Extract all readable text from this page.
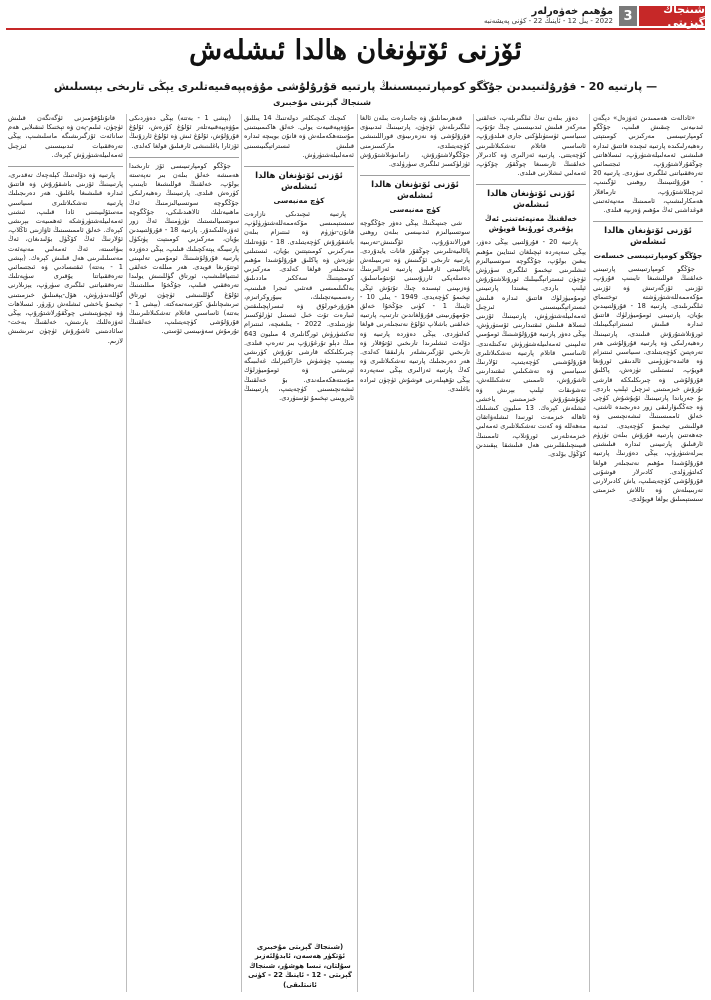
شىنجاڭ گېزىتى
3
مۇھىم خەۋەرلەر
2022 - يىل 12 - ئاينىڭ 22 - كۈنى پەيشەنبە
ئۆزنى ئۆتۈنغان ھالدا ئىشلەش
— پارتىيە 20 - قۇرۇلتىيىدىن جۇڭگو كومپارتىيىسىنىڭ پارتىيە قۇرۇلۇشى مۇۋەپپەقىيەتلىرى يېڭى تارىخى بېسىلىش
شىنجاڭ گېزىتى مۇخبىرى

«ئادالەت ھەممىدىن ئەۋزەل» دېگەن ئىدىيەنى چىقىش قىلىپ، جۇڭگو كومپارتىيىسى مەركىزىي كومىتېتى رەھبەرلىكىدە پارتىيە ئىچىدە قاتتىق ئىدارە قىلىشنى ئەمەلىيلەشتۈرۈپ، ئىسلاھاتنى چوڭقۇرلاشتۇرۇپ، ئىجتىمائىي تەرەققىياتنى ئىلگىرى سۈردى. پارتىيە 20 - قۇرۇلتىيىنىڭ روھىنى ئۆگىنىپ، ئىزچىللاشتۇرۇپ، تارماقلار ھەمكارلىشىپ، ئاممىنىڭ مەنپەئەتىنى قوغداشنى ئەڭ مۇھىم ۋەزىپە قىلدى.

ئۆزنى ئۆتۈنغان ھالدا ئىشلەش
جۇڭگو كومپارتىيىسى خىسلەت

جۇڭگو كومپارتىيىسى پارتىيىنى خەلقنىڭ قوللىشىغا تايىنىپ قۇرۇپ، ئۆزىنى ئۆزگەرتىش ۋە ئۆزىنى مۇكەممەللەشتۈرۈشتە توختىماي ئىلگىرىلىدى. پارتىيە 18 - قۇرۇلتىيىدىن بۇيان، پارتىيىنى ئومۇميۈزلۈك قاتتىق ئىدارە قىلىش ئىستراتېگىيىلىك ئورۇنلاشتۇرۇش قىلىندى، پارتىيىنىڭ رەھبەرلىكى ۋە پارتىيە قۇرۇلۇشى ھەر تەرەپتىن كۈچەيتىلدى. سىياسىي ئىنتىزام ۋە قائىدە-تۈزۈمنى ئالدىنقى ئورۇنغا قويۇپ، ئىستىلنى تۈزەش، پاكلىق قۇرۇلۇشى ۋە چىرىكلىككە قارشى تۇرۇش خىزمىتىنى ئىزچىل ئېلىپ باردى. بۇ جەرياندا پارتىيىنىڭ ئۇيۇشۇش كۈچى ۋە جەڭگىۋارلىقى زور دەرىجىدە ئاشتى، خەلق ئاممىسىنىڭ ئىشەنچىسى ۋە قوللىشى تېخىمۇ كۈچەيدى. ئىدىيە جەھەتتىن پارتىيە قۇرۇش بىلەن تۈزۈم ئارقىلىق پارتىيىنى ئىدارە قىلىشنى بىرلەشتۈرۈپ، يېڭى دەۋرنىڭ پارتىيە قۇرۇلۇشىدا مۇھىم نەتىجىلەر قولغا كەلتۈرۈلدى. كادىرلار قوشۇنى قۇرۇلۇشى كۈچەيتىلىپ، ياش كادىرلارنى تەربىيىلەش ۋە تاللاش خىزمىتى سىستېمىلىق يولغا قويۇلدى.

دەۋر بىلەن تەڭ ئىلگىرىلەپ، خەلقنى مەركەز قىلىش ئىدىيىسىنى چىڭ تۇتۇپ، سىياسىي ئۈستۈنلۈكنى جارى قىلدۇرۇپ، ئاساسىي قاتلام تەشكىلاتلىرىنى كۈچەيتتى. پارتىيە ئەزالىرى ۋە كادىرلار خەلقنىڭ ئارىسىغا چوڭقۇر چۆكۈپ، ئەمەلىي ئىشلارنى قىلدى.

ئۆزنى ئۆتۈنغان ھالدا ئىشلەش
خەلقنىڭ مەنپەئەتىنى ئەڭ يۇقىرى ئورۇنغا قويۇش

پارتىيە 20 - قۇرۇلتىيى يېڭى دەۋر، يېڭى سەپەردە ئېچىلغان ئىنتايىن مۇھىم يىغىن بولۇپ، جۇڭگوچە سوتسىيالىزم ئىشلىرىنى تېخىمۇ ئىلگىرى سۈرۈش ئۈچۈن ئىستراتېگىيىلىك ئورۇنلاشتۇرۇش ئېلىپ باردى. يىغىندا پارتىيىنى ئومۇميۈزلۈك قاتتىق ئىدارە قىلىش ئىستراتېگىيىسىنى ئىزچىل ئەمەلىيلەشتۈرۈش، پارتىيىنىڭ ئۆزىنى ئىسلاھ قىلىش ئىقتىدارىنى ئۆستۈرۈش، يېڭى دەۋر پارتىيە قۇرۇلۇشىنىڭ ئومۇمىي تەلىپىنى ئەمەلىيلەشتۈرۈش تەكىتلەندى. ئاساسىي قاتلام پارتىيە تەشكىلاتلىرى قۇرۇلۇشىنى كۈچەيتىپ، ئۇلارنىڭ سىياسىي ۋە تەشكىلىي ئىقتىدارىنى ئاشۇرۇش، ئاممىنى تەشكىللەش، تەشۋىقات ئېلىپ بېرىش ۋە ئۇيۇشتۇرۇش خىزمىتىنى ياخشى ئىشلەش كېرەك. 13 مىليون كىشىلىك ئاھالە خىزمەت ئورنىدا ئىشلەۋاتقان مەھەللە ۋە كەنت تەشكىلاتلىرى ئەمەلىي خىزمەتلەرنى ئورۇنلاپ، ئاممىنىڭ قىيىنچىلىقلىرىنى ھەل قىلىشقا يېقىندىن كۆڭۈل بۆلدى.

قەھرىمانلىق ۋە جاسارەت بىلەن ئالغا ئىلگىرىلەش ئۈچۈن، پارتىيىنىڭ ئىدىيىۋى قۇرۇلۇشى ۋە نەزەرىيىۋى قوراللىنىشى كۈچەيتىلدى، ماركسىزمنى جۇڭگولاشتۇرۇش، زامانىۋىلاشتۇرۇش ئۈزلۈكسىز ئىلگىرى سۈرۈلدى.

ئۆزنى ئۆتۈنغان ھالدا ئىشلەش
كۈچ مەنبەسى

شى جىنپىڭنىڭ يېڭى دەۋر جۇڭگوچە سوتسىيالىزم ئىدىيىسى بىلەن روھنى قورالاندۇرۇپ، ئۆگىنىش-تەربىيە پائالىيەتلىرىنى چوڭقۇر قانات يايدۇردى. پارتىيە تارىخى ئۆگىنىش ۋە تەربىيىلەش پائالىيىتى ئارقىلىق پارتىيە ئەزالىرىنىڭ دەسلەپكى ئارزۇسىنى ئۇنتۇماسلىق، ۋەزىپىنى ئېسىدە چىڭ تۇتۇش ئېڭى تېخىمۇ كۈچەيدى. 1949 - يىلى 10 - ئاينىڭ 1 - كۈنى جۇڭخۇا خەلق جۇمھۇرىيىتى قۇرۇلغاندىن تارتىپ، پارتىيە خەلقنى باشلاپ ئۇلۇغ نەتىجىلەرنى قولغا كەلتۈردى. يېڭى دەۋردە پارتىيە ۋە دۆلەت ئىشلىرىدا تارىخىي ئۇتۇقلار ۋە تارىخىي ئۆزگىرىشلەر بارلىققا كەلدى. ھەر دەرىجىلىك پارتىيە تەشكىلاتلىرى ۋە كەڭ پارتىيە ئەزالىرى يېڭى سەپەردە يېڭى تۆھپىلەرنى قوشۇش ئۈچۈن ئىرادە باغلىدى.

كىچىك كىچىكلەر دولەتنىڭ 14 يىللىق مۇۋەپپەقىيەت يولى. خەلق ھاكىمىيىتىنى مۇستەھكەملەش ۋە قانۇن بويىچە ئىدارە قىلىش ئىستراتېگىيىسىنى ئەمەلىيلەشتۈرۈش.

ئۆزنى ئۆتۈنغان ھالدا ئىشلەش
كۈچ مەنبەسى

پارتىيە ئىچىدىكى نازارەت سىستېمىسى مۇكەممەللەشتۈرۈلۈپ، قانۇن-تۈزۈم ۋە ئىنتىزام بىلەن باشقۇرۇش كۈچەيتىلدى. 18 - نۆۋەتلىك مەركىزىي كومىتېتتىن بۇيان، ئىستىلنى تۈزەش ۋە پاكلىق قۇرۇلۇشىدا مۇھىم نەتىجىلەر قولغا كەلدى. مەركىزىي كومىتېتنىڭ سەككىز ماددىلىق بەلگىلىمىسى قەتئىي ئىجرا قىلىنىپ، رەسمىيەتچىلىك، بىيۇروكراتىزم، ھۇزۇرخورلۇق ۋە ئىسراپچىلىقتىن ئىبارەت تۆت خىل ئىستىل ئۈزلۈكسىز تۈزىتىلدى. 2022 - يىلىغىچە، ئىنتىزام تەكشۈرۈش ئورگانلىرى 4 مىليون 643 مىڭ دېلو تۇرغۇزۇپ بىر تەرەپ قىلدى. چىرىكلىككە قارشى تۇرۇش كۈرىشى بېسىپ چۈشۈش خاراكتېرلىك غەلىبىگە ئېرىشتى ۋە ئومۇميۈزلۈك مۇستەھكەملەندى. بۇ خەلقنىڭ ئىشەنچىسىنى كۈچەيتىپ، پارتىيىنىڭ ئابرويىنى تېخىمۇ ئۆستۈردى.

(بېشى 1 - بەتتە) يېڭى دەۋردىكى مۇۋەپپەقىيەتلەر ئۇلۇغ كۈرەش، ئۇلۇغ قۇرۇلۇش، ئۇلۇغ ئىش ۋە ئۇلۇغ ئارزۇنىڭ ئۆزئارا باغلىنىشى ئارقىلىق قولغا كەلدى.

جۇڭگو كومپارتىيىسى ئۆز تارىخىدا ھەمىشە خەلق بىلەن بىر نەپەستە بولۇپ، خەلقنىڭ قوللىشىغا تايىنىپ كۈرەش قىلدى. پارتىيىنىڭ رەھبەرلىكى جۇڭگوچە سوتسىيالىزمنىڭ ئەڭ ماھىيەتلىك ئالاھىدىلىكى، جۇڭگوچە سوتسىيالىستىك تۈزۈمنىڭ ئەڭ زور ئەۋزەللىكىدۇر. پارتىيە 18 - قۇرۇلتىيىدىن بۇيان، مەركىزىي كومىتېت پۈتكۈل پارتىيىگە يېتەكچىلىك قىلىپ، يېڭى دەۋردە پارتىيە قۇرۇلۇشىنىڭ ئومۇمىي تەلىپىنى ئوتتۇرىغا قويدى. ھەر مىللەت خەلقى ئىتتىپاقلىشىپ، ئورتاق گۈللىنىش يولىدا تەرەققىي قىلىپ، جۇڭخۇا مىللىتىنىڭ ئۇلۇغ گۈللىنىشى ئۈچۈن ئورتاق تىرىشچانلىق كۆرسەتمەكتە. (بېشى 1 - بەتتە) ئاساسىي قاتلام تەشكىلاتلىرىنىڭ قۇرۇلۇشى كۈچەيتىلىپ، خەلقنىڭ تۇرمۇش سەۋىيىسى ئۆستى.

قانۇنلۇقۇمىزنى ئۈگەنگەن قىلىش ئۈچۈن، ئىلىم-پەن ۋە تېخنىكا ئىنقىلابى ھەم سانائەت ئۆزگىرىشىگە ماسلىشىپ، يېڭى تەرەققىيات ئىدىيىسىنى ئىزچىل ئەمەلىيلەشتۈرۈش كېرەك.

پارتىيە ۋە دۆلەتنىڭ كېلەچەك تەقدىرى، پارتىيىنىڭ ئۆزىنى باشقۇرۇش ۋە قاتتىق ئىدارە قىلىشىغا باغلىق. ھەر دەرىجىلىك پارتىيە تەشكىلاتلىرى سىياسىي مەسئۇلىيىتىنى ئادا قىلىپ، ئىشنى ئەمەلىيلەشتۈرۈشكە ئەھمىيەت بېرىشى كېرەك. خەلق ئاممىسىنىڭ ئاۋازىنى ئاڭلاپ، ئۇلارنىڭ ئەڭ كۆڭۈل بۆلىدىغان، ئەڭ بىۋاسىتە، ئەڭ ئەمەلىي مەنپەئەت مەسىلىلىرىنى ھەل قىلىش كېرەك. (بېشى 1 - بەتتە) ئىقتىسادىي ۋە ئىجتىمائىي تەرەققىياتتا يۇقىرى سۈپەتلىك تەرەققىياتنى ئىلگىرى سۈرۈپ، يېزىلارنى گۈللەندۈرۈش، ھۆل-يېغىنلىق خىزمىتىنى تېخىمۇ ياخشى ئىشلەش زۆرۈر. ئىسلاھات ۋە ئېچىۋېتىشنى چوڭقۇرلاشتۇرۇپ، يېڭى ئەۋزەللىك يارىتىش، خەلقنىڭ بەخت-سائادىتىنى ئاشۇرۇش ئۈچۈن تىرىشىش لازىم.

(شىنجاڭ گېزىتى مۇخبىرى ئۆتكۈر ھەسەن، ئابدۇلئەزىز سۇلتان، نىسا ھوشۇر، شىنجاڭ گېزىتى - 12 - ئاينىڭ 22 - كۈنى ئانىتلىقى)
